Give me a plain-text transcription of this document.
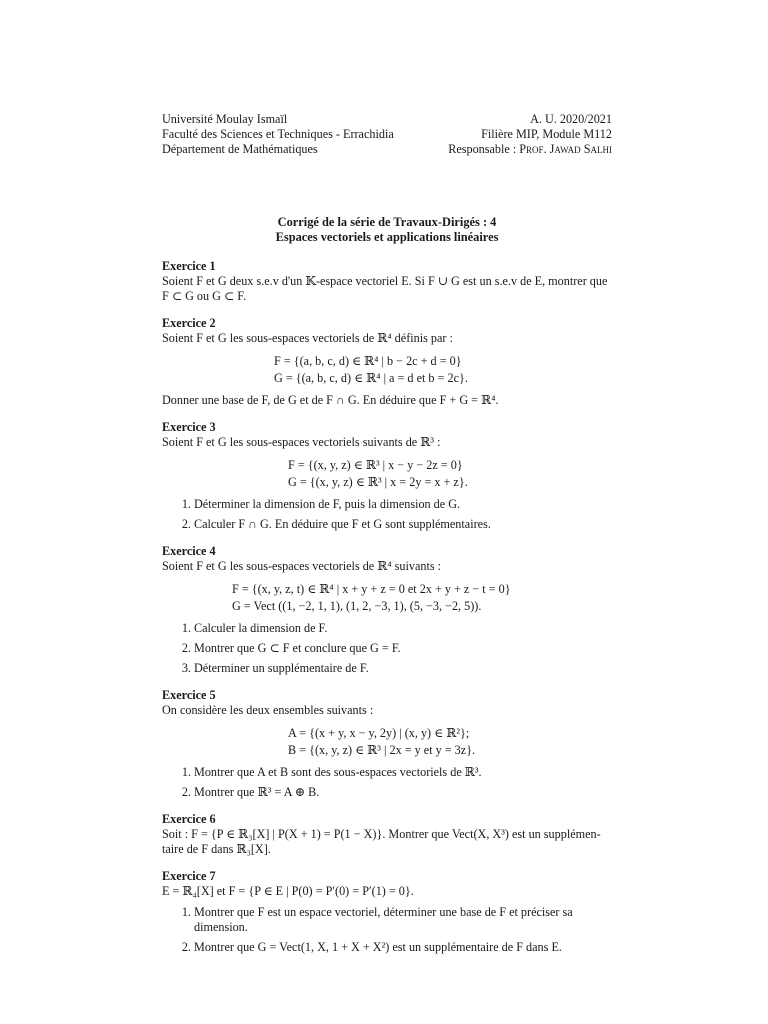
Université Moulay Ismaïl
Faculté des Sciences et Techniques - Errachidia
Département de Mathématiques
A. U. 2020/2021
Filière MIP, Module M112
Responsable : Prof. Jawad Salhi
Corrigé de la série de Travaux-Dirigés : 4
Espaces vectoriels et applications linéaires
Exercice 1
Soient F et G deux s.e.v d'un 𝕂-espace vectoriel E. Si F ∪ G est un s.e.v de E, montrer que
F ⊂ G ou G ⊂ F.
Exercice 2
Soient F et G les sous-espaces vectoriels de ℝ⁴ définis par :
F = {(a, b, c, d) ∈ ℝ⁴ | b − 2c + d = 0}
G = {(a, b, c, d) ∈ ℝ⁴ | a = d et b = 2c}.
Donner une base de F, de G et de F ∩ G. En déduire que F + G = ℝ⁴.
Exercice 3
Soient F et G les sous-espaces vectoriels suivants de ℝ³ :
F = {(x, y, z) ∈ ℝ³ | x − y − 2z = 0}
G = {(x, y, z) ∈ ℝ³ | x = 2y = x + z}.
1. Déterminer la dimension de F, puis la dimension de G.
2. Calculer F ∩ G. En déduire que F et G sont supplémentaires.
Exercice 4
Soient F et G les sous-espaces vectoriels de ℝ⁴ suivants :
F = {(x, y, z, t) ∈ ℝ⁴ | x + y + z = 0 et 2x + y + z − t = 0}
G = Vect ((1, −2, 1, 1), (1, 2, −3, 1), (5, −3, −2, 5)).
1. Calculer la dimension de F.
2. Montrer que G ⊂ F et conclure que G = F.
3. Déterminer un supplémentaire de F.
Exercice 5
On considère les deux ensembles suivants :
A = {(x + y, x − y, 2y) | (x, y) ∈ ℝ²};
B = {(x, y, z) ∈ ℝ³ | 2x = y et y = 3z}.
1. Montrer que A et B sont des sous-espaces vectoriels de ℝ³.
2. Montrer que ℝ³ = A ⊕ B.
Exercice 6
Soit : F = {P ∈ ℝ₃[X] | P(X + 1) = P(1 − X)}. Montrer que Vect(X, X³) est un supplémen-
taire de F dans ℝ₃[X].
Exercice 7
E = ℝ₄[X] et F = {P ∈ E | P(0) = P′(0) = P′(1) = 0}.
1. Montrer que F est un espace vectoriel, déterminer une base de F et préciser sa dimension.
2. Montrer que G = Vect(1, X, 1 + X + X²) est un supplémentaire de F dans E.
